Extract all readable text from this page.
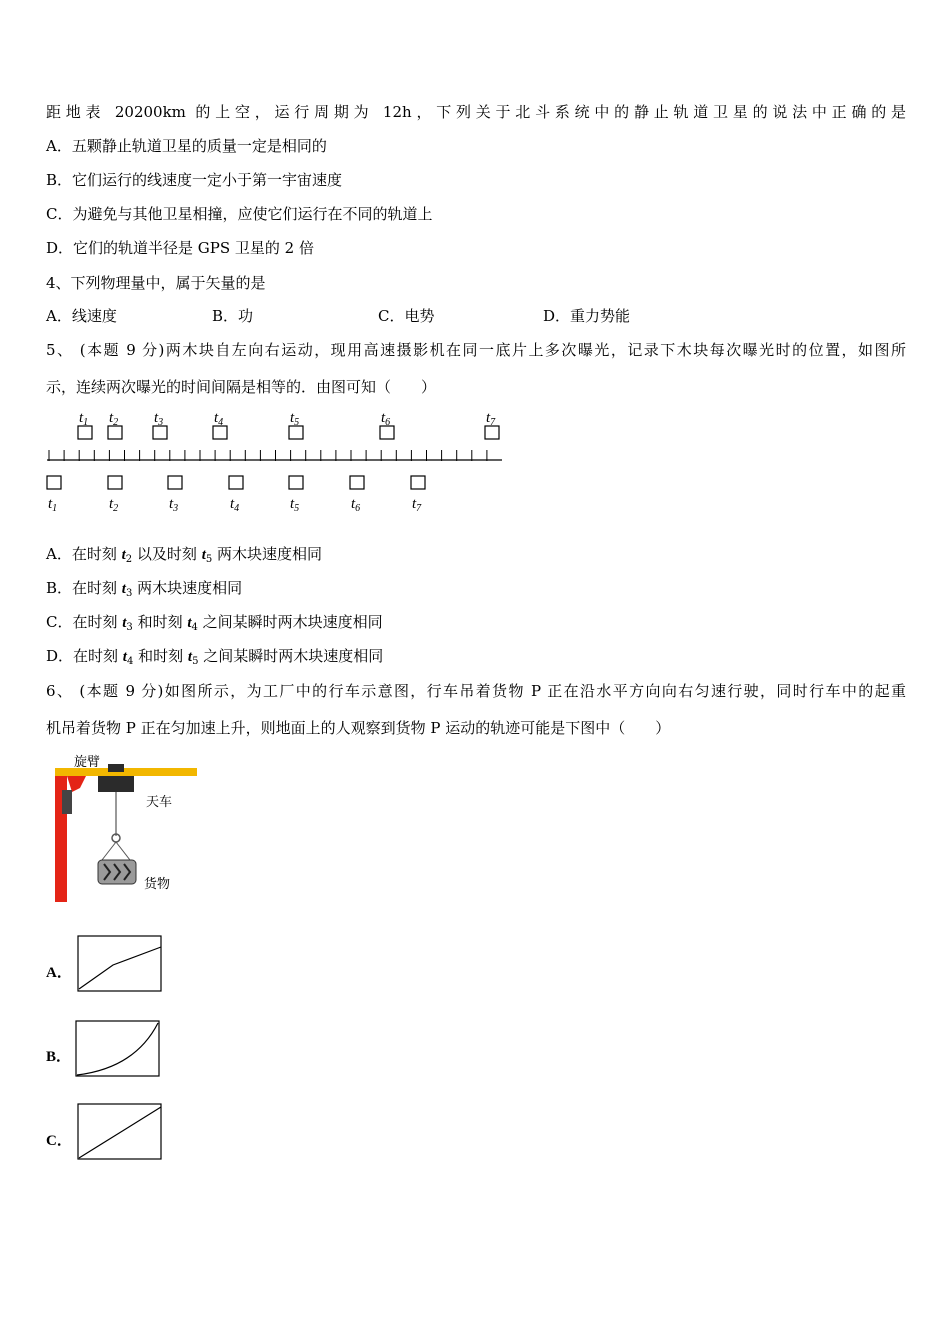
距地表 20200km 的上空，运行周期为 12h，下列关于北斗系统中的静止轨道卫星的说法中正确的是
A．五颗静止轨道卫星的质量一定是相同的
B．它们运行的线速度一定小于第一宇宙速度
C．为避免与其他卫星相撞，应使它们运行在不同的轨道上
D．它们的轨道半径是 GPS 卫星的 2 倍
4、下列物理量中，属于矢量的是
A．线速度	B．功	C．电势	D．重力势能
5、 (本题 9 分)两木块自左向右运动，现用高速摄影机在同一底片上多次曝光，记录下木块每次曝光时的位置，如图所
示，连续两次曝光的时间间隔是相等的．由图可知（　　）
$t_1$ $t_2$ $t_3$	$t_4$	$t_5$	$t_6$	$t_7$
$t_1$	$t_2$	$t_3$	$t_4$	$t_5$	$t_6$	$t_7$
A．在时刻 $t_2$ 以及时刻 $t_5$ 两木块速度相同
B．在时刻 $t_3$ 两木块速度相同
C．在时刻 $t_3$ 和时刻 $t_4$ 之间某瞬时两木块速度相同
D．在时刻 $t_4$ 和时刻 $t_5$ 之间某瞬时两木块速度相同
6、 (本题 9 分)如图所示，为工厂中的行车示意图，行车吊着货物 P 正在沿水平方向向右匀速行驶，同时行车中的起重
机吊着货物 P 正在匀加速上升，则地面上的人观察到货物 P 运动的轨迹可能是下图中（　　）
旋臂
天车
货物
A．
B．
C．
